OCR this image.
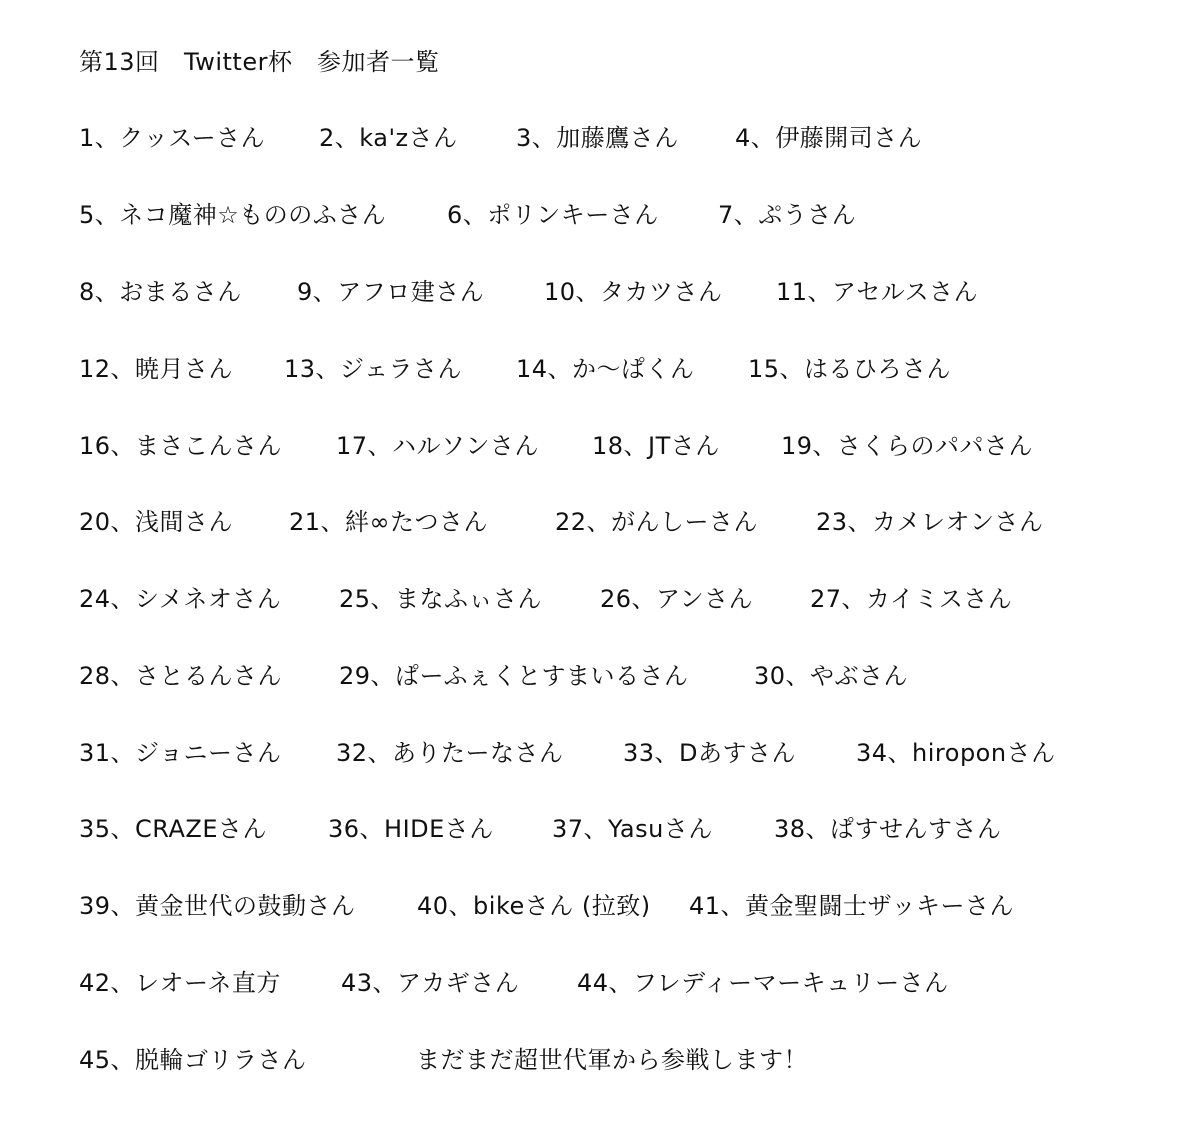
第13回　Twitter杯　参加者一覧
1、クッスーさん 2、ka'zさん 3、加藤鷹さん 4、伊藤開司さん
5、ネコ魔神☆もののふさん	6、ポリンキーさん 7、ぷうさん
8、おまるさん 9、アフロ建さん 10、タカツさん 11、アセルスさん
12、暁月さん 13、ジェラさん 14、か〜ぱくん 15、はるひろさん
16、まさこんさん 17、ハルソンさん 18、JTさん	19、さくらのパパさん
20、浅間さん 21、絆∞たつさん	22、がんしーさん 23、カメレオンさん
24、シメネオさん 25、まなふぃさん 26、アンさん 27、カイミスさん
28、さとるんさん 29、ぱーふぇくとすまいるさん	30、やぶさん
31、ジョニーさん 32、ありたーなさん 33、Dあすさん 34、hiroponさん
35、CRAZEさん	36、HIDEさん 37、Yasuさん	38、ぱすせんすさん
39、黄金世代の鼓動さん	40、bikeさん (拉致) 41、黄金聖闘士ザッキーさん
42、レオーネ直方	43、アカギさん 44、フレディーマーキュリーさん
45、脱輪ゴリラさん	まだまだ超世代軍から参戦します！
